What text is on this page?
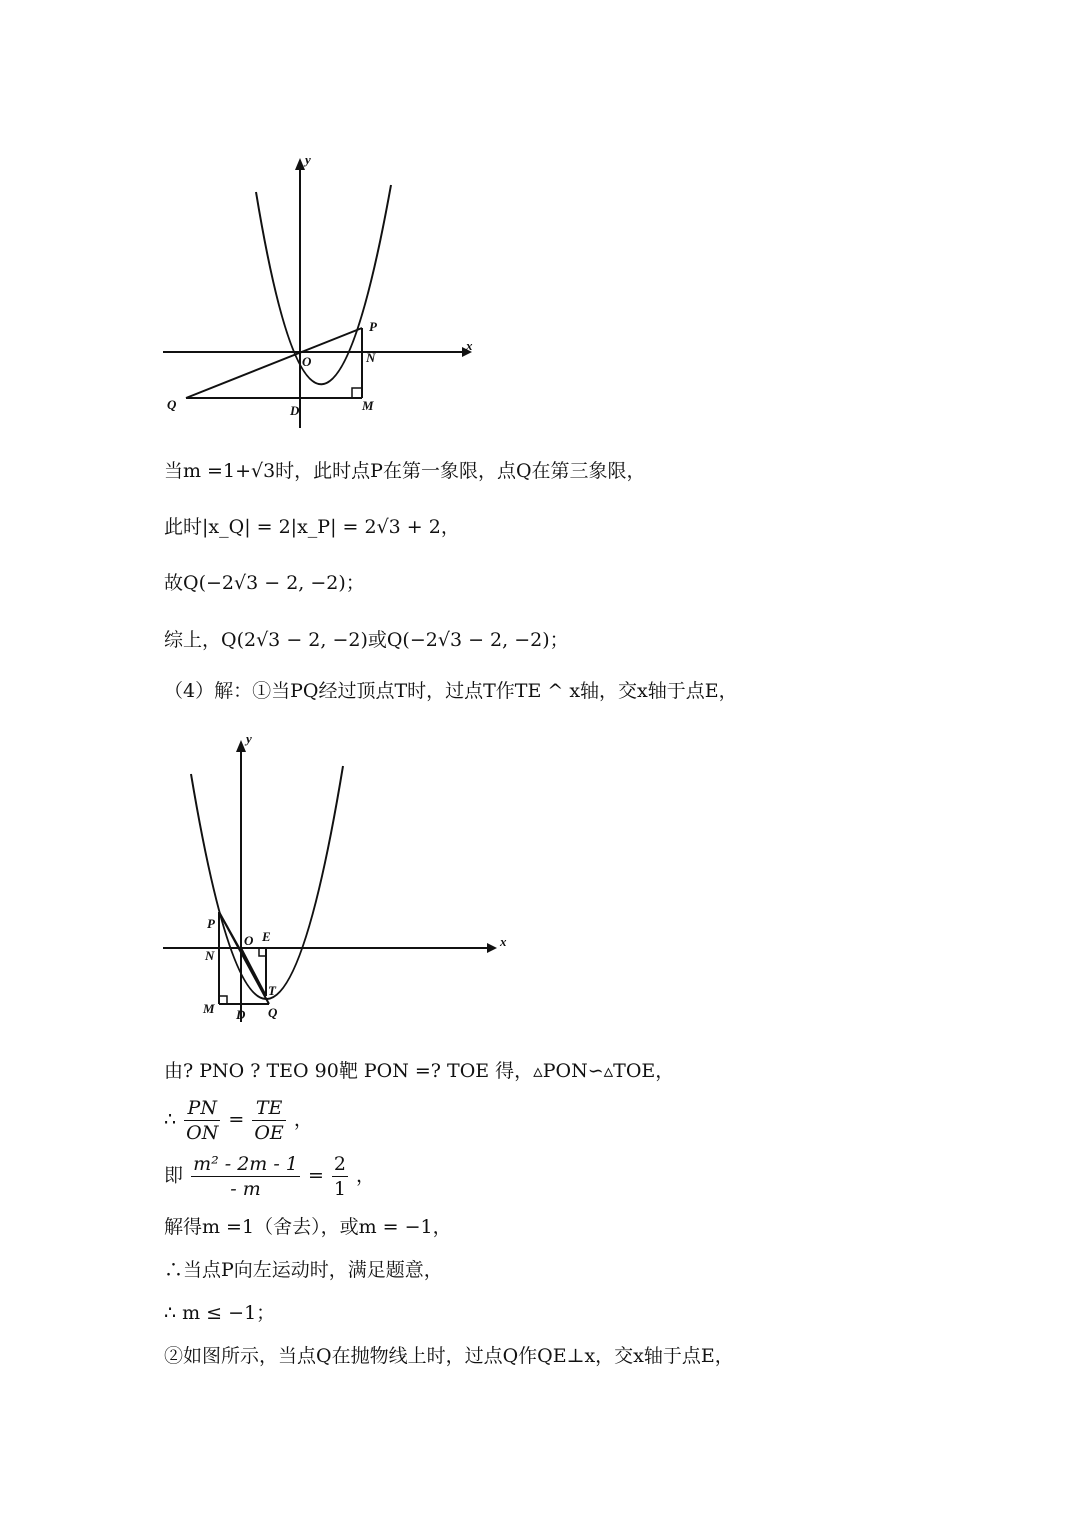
y
x
P
O	N
Q	D	M
当m =1+√3时，此时点P在第一象限，点Q在第三象限，
此时|x_Q| = 2|x_P| = 2√3 + 2，
故Q(−2√3 − 2, −2)；
综上，Q(2√3 − 2, −2)或Q(−2√3 − 2, −2)；
（4）解：①当PQ经过顶点T时，过点T作TE ^ x轴，交x轴于点E，
y
x
P
O E
N
T
M D Q
由? PNO ? TEO 90靶 PON =? TOE 得，▵PON∽▵TOE，
∴ $\frac{PN}{ON} = \frac{TE}{OE}$ ，
即 $\frac{\text{m² - 2m - 1}}{- m} = \frac{2}{1}$ ，
解得m =1（舍去），或m = −1，
∴当点P向左运动时，满足题意，
∴ m ≤ −1；
②如图所示，当点Q在抛物线上时，过点Q作QE⊥x，交x轴于点E，
